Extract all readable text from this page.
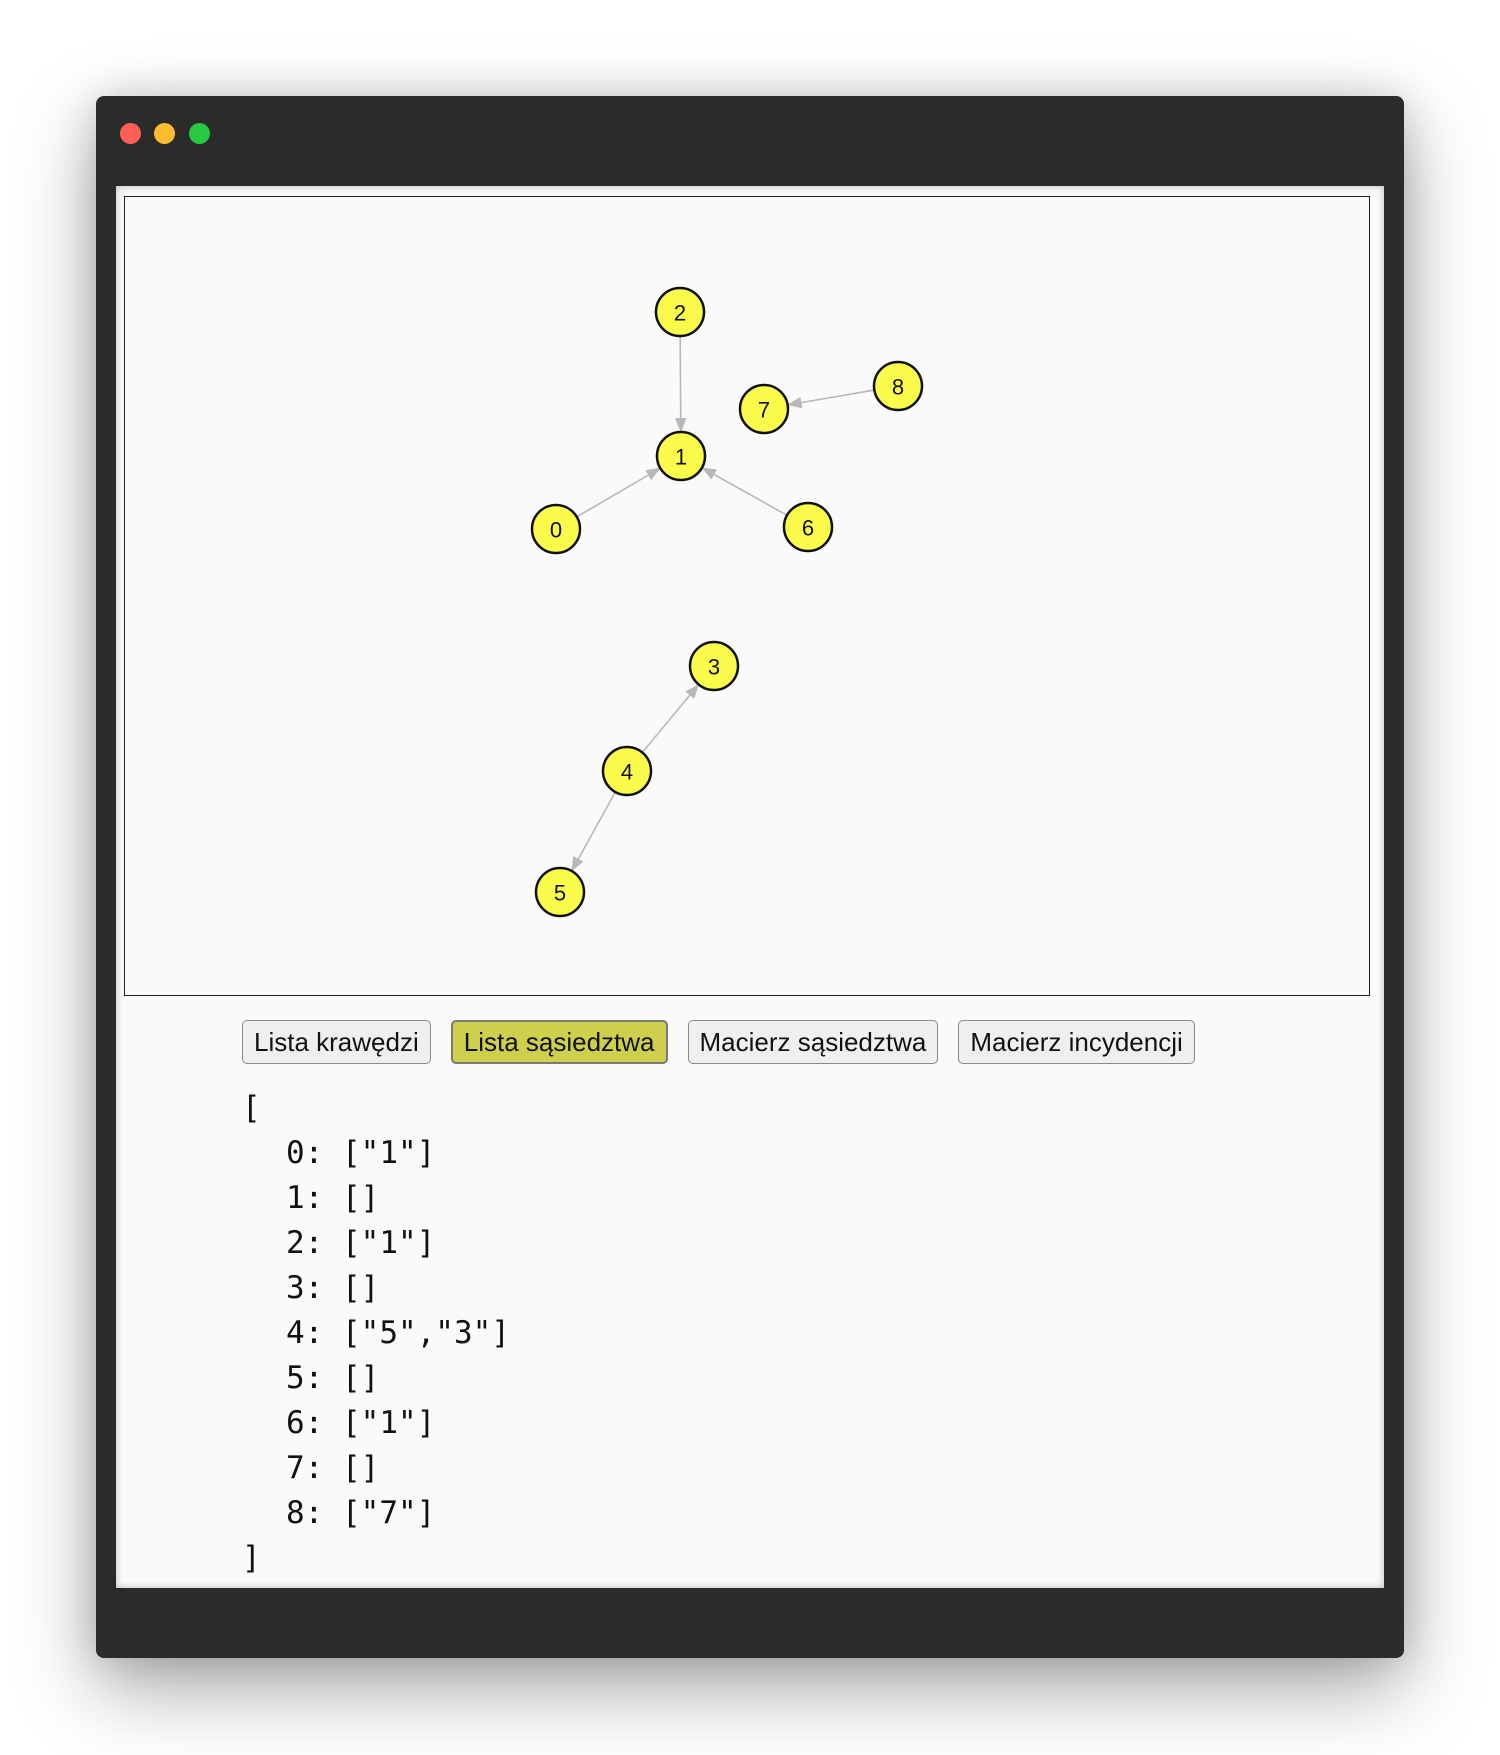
0
1
2
3
4
5
6
7
8
Lista krawędzi	Lista sąsiedztwa	Macierz sąsiedztwa	Macierz incydencji
[
0: ["1"]
1: []
2: ["1"]
3: []
4: ["5","3"]
5: []
6: ["1"]
7: []
8: ["7"]
]
